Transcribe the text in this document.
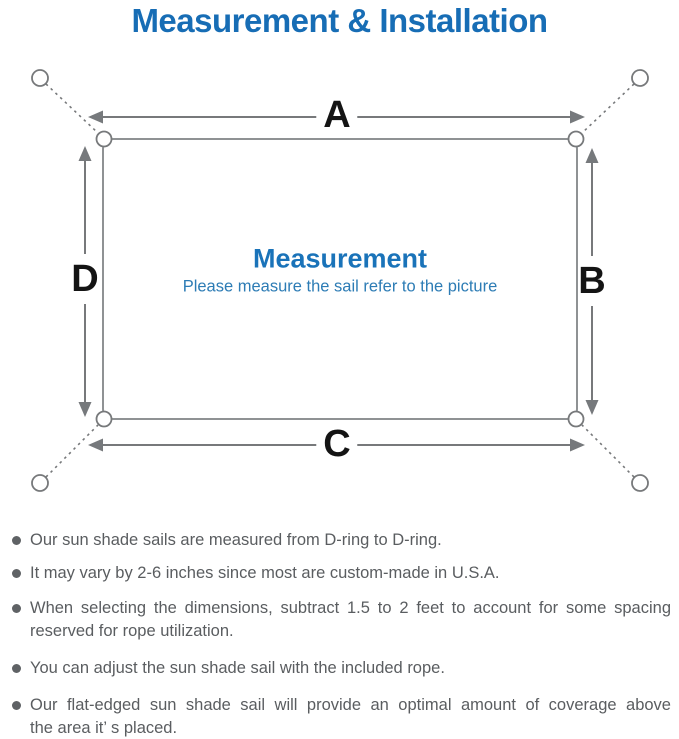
Measurement & Installation
A
B
C
D	Measurement
Please measure the sail refer to the picture
Our sun shade sails are measured from D-ring to D-ring.
It may vary by 2-6 inches since most are custom-made in U.S.A.
When selecting the dimensions, subtract 1.5 to 2 feet to account for some spacing
reserved for rope utilization.
You can adjust the sun shade sail with the included rope.
Our flat-edged sun shade sail will provide an optimal amount of coverage above
the area it’ s placed.
